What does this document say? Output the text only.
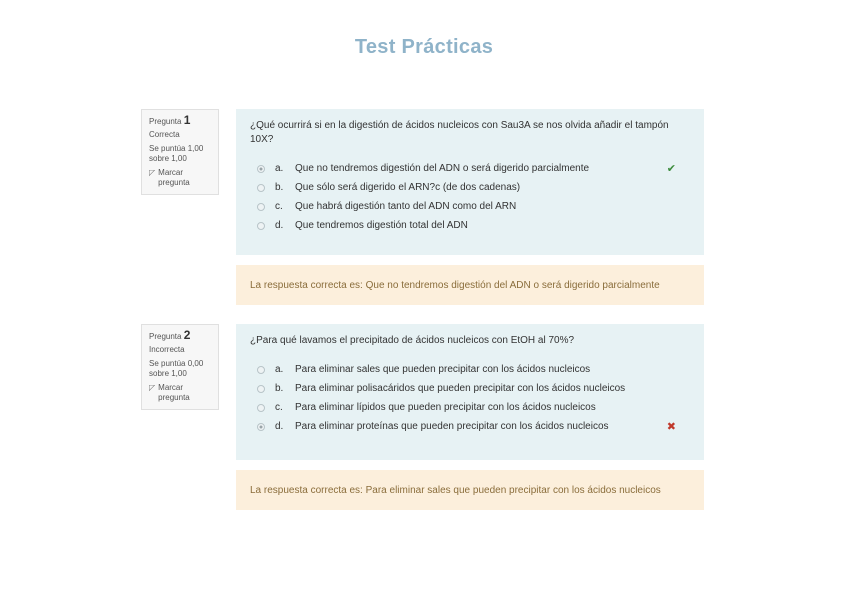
Test Prácticas
Pregunta 1
Correcta
Se puntúa 1,00 sobre 1,00
◸ Marcar pregunta
¿Qué ocurrirá si en la digestión de ácidos nucleicos con Sau3A se nos olvida añadir el tampón 10X?
a.	Que no tendremos digestión del ADN o será digerido parcialmente	✔
b.	Que sólo será digerido el ARN?c (de dos cadenas)
c.	Que habrá digestión tanto del ADN como del ARN
d.	Que tendremos digestión total del ADN
La respuesta correcta es: Que no tendremos digestión del ADN o será digerido parcialmente
Pregunta 2
Incorrecta
Se puntúa 0,00 sobre 1,00
◸ Marcar pregunta
¿Para qué lavamos el precipitado de ácidos nucleicos con EtOH al 70%?
a.	Para eliminar sales que pueden precipitar con los ácidos nucleicos
b.	Para eliminar polisacáridos que pueden precipitar con los ácidos nucleicos
c.	Para eliminar lípidos que pueden precipitar con los ácidos nucleicos
d.	Para eliminar proteínas que pueden precipitar con los ácidos nucleicos	✖
La respuesta correcta es: Para eliminar sales que pueden precipitar con los ácidos nucleicos
